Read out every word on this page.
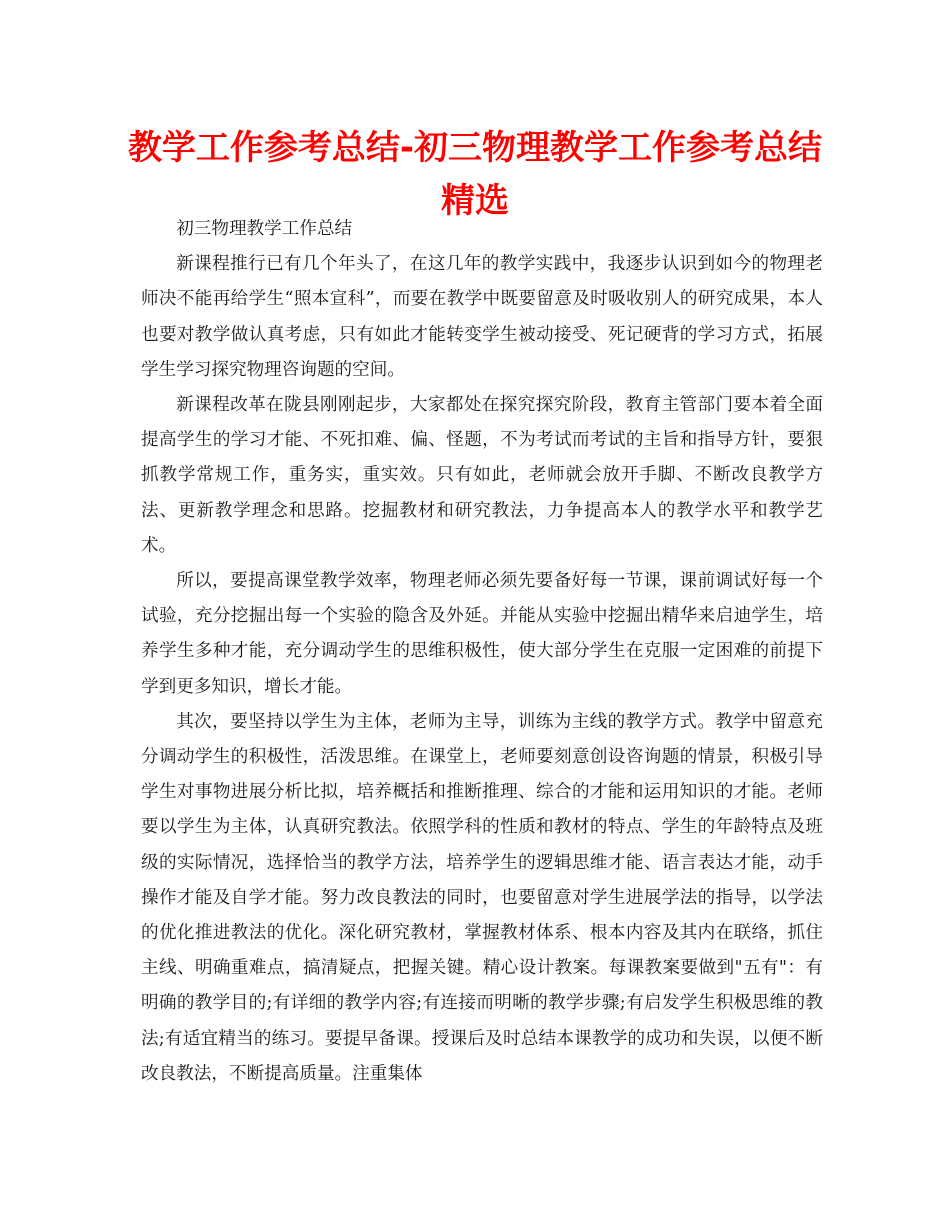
教学工作参考总结-初三物理教学工作参考总结精选

初三物理教学工作总结

新课程推行已有几个年头了，在这几年的教学实践中，我逐步认识到如今的物理老师决不能再给学生“照本宣科”，而要在教学中既要留意及时吸收别人的研究成果，本人也要对教学做认真考虑，只有如此才能转变学生被动接受、死记硬背的学习方式，拓展学生学习探究物理咨询题的空间。

新课程改革在陇县刚刚起步，大家都处在探究探究阶段，教育主管部门要本着全面提高学生的学习才能、不死扣难、偏、怪题，不为考试而考试的主旨和指导方针，要狠抓教学常规工作，重务实，重实效。只有如此，老师就会放开手脚、不断改良教学方法、更新教学理念和思路。挖掘教材和研究教法，力争提高本人的教学水平和教学艺术。

所以，要提高课堂教学效率，物理老师必须先要备好每一节课，课前调试好每一个试验，充分挖掘出每一个实验的隐含及外延。并能从实验中挖掘出精华来启迪学生，培养学生多种才能，充分调动学生的思维积极性，使大部分学生在克服一定困难的前提下学到更多知识，增长才能。

其次，要坚持以学生为主体，老师为主导，训练为主线的教学方式。教学中留意充分调动学生的积极性，活泼思维。在课堂上，老师要刻意创设咨询题的情景，积极引导学生对事物进展分析比拟，培养概括和推断推理、综合的才能和运用知识的才能。老师要以学生为主体，认真研究教法。依照学科的性质和教材的特点、学生的年龄特点及班级的实际情况，选择恰当的教学方法，培养学生的逻辑思维才能、语言表达才能，动手操作才能及自学才能。努力改良教法的同时，也要留意对学生进展学法的指导，以学法的优化推进教法的优化。深化研究教材，掌握教材体系、根本内容及其内在联络，抓住主线、明确重难点，搞清疑点，把握关键。精心设计教案。每课教案要做到"五有"：有明确的教学目的;有详细的教学内容;有连接而明晰的教学步骤;有启发学生积极思维的教法;有适宜精当的练习。要提早备课。授课后及时总结本课教学的成功和失误，以便不断改良教法，不断提高质量。注重集体
